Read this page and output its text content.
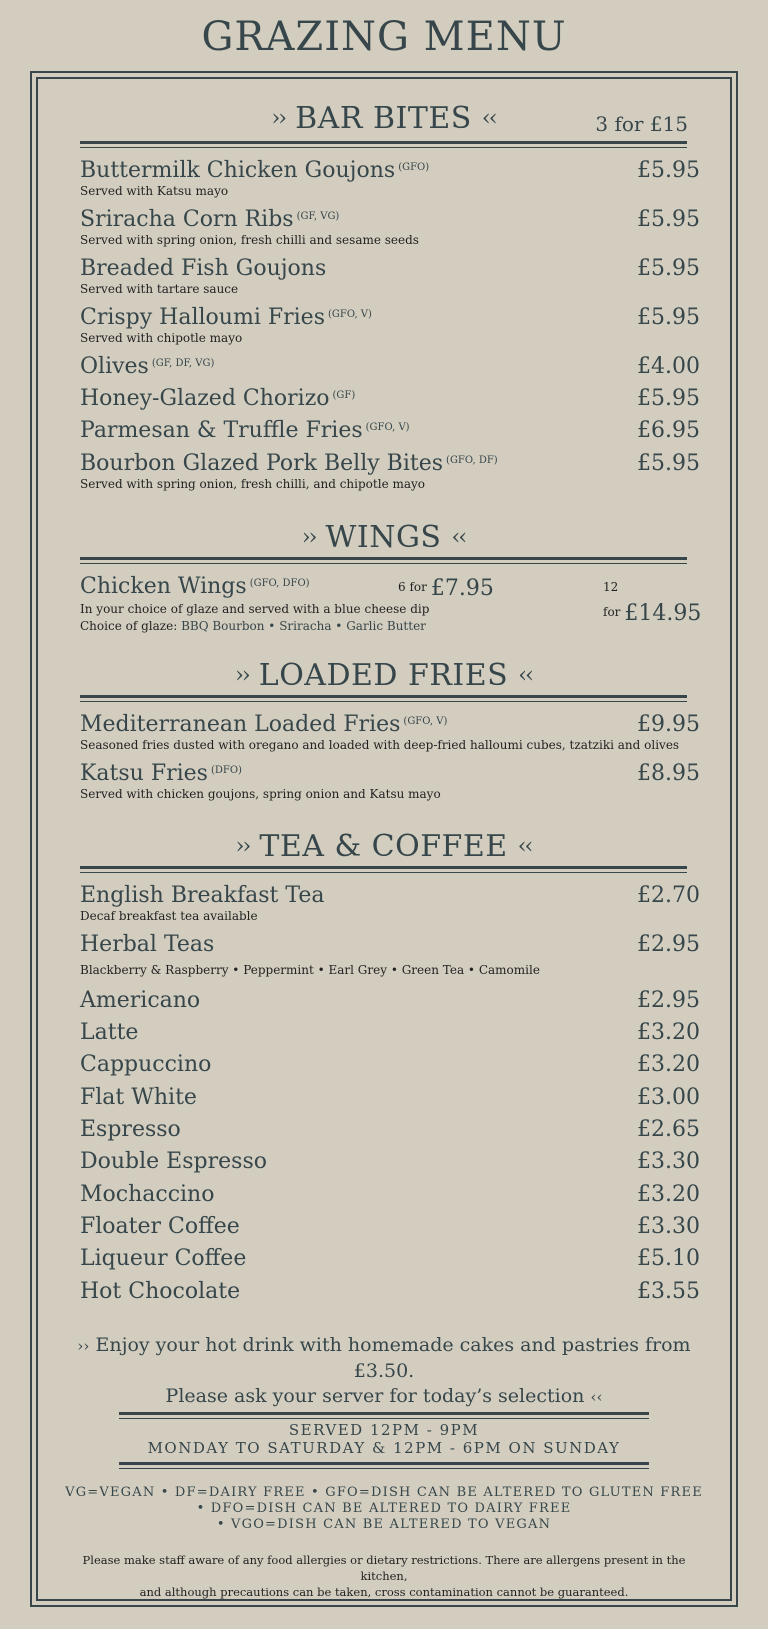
GRAZING MENU
›› BAR BITES ‹‹	3 for £15
Buttermilk Chicken Goujons $^{(GFO)}$	£5.95
Served with Katsu mayo
Sriracha Corn Ribs $^{(GF, VG)}$	£5.95
Served with spring onion, fresh chilli and sesame seeds
Breaded Fish Goujons	£5.95
Served with tartare sauce
Crispy Halloumi Fries $^{(GFO, V)}$	£5.95
Served with chipotle mayo
Olives $^{(GF, DF, VG)}$	£4.00
Honey-Glazed Chorizo $^{(GF)}$	£5.95
Parmesan & Truffle Fries $^{(GFO, V)}$	£6.95
Bourbon Glazed Pork Belly Bites $^{(GFO, DF)}$	£5.95
Served with spring onion, fresh chilli, and chipotle mayo
›› WINGS ‹‹
Chicken Wings $^{(GFO, DFO)}$	6 for £7.95	12 for £14.95
In your choice of glaze and served with a blue cheese dip
Choice of glaze: BBQ Bourbon • Sriracha • Garlic Butter
›› LOADED FRIES ‹‹
Mediterranean Loaded Fries $^{(GFO, V)}$	£9.95
Seasoned fries dusted with oregano and loaded with deep-fried halloumi cubes, tzatziki and olives
Katsu Fries $^{(DFO)}$	£8.95
Served with chicken goujons, spring onion and Katsu mayo
›› TEA & COFFEE ‹‹
English Breakfast Tea	£2.70
Decaf breakfast tea available
Herbal Teas	£2.95
Blackberry & Raspberry • Peppermint • Earl Grey • Green Tea • Camomile
Americano	£2.95
Latte	£3.20
Cappuccino	£3.20
Flat White	£3.00
Espresso	£2.65
Double Espresso	£3.30
Mochaccino	£3.20
Floater Coffee	£3.30
Liqueur Coffee	£5.10
Hot Chocolate	£3.55
›› Enjoy your hot drink with homemade cakes and pastries from £3.50.
Please ask your server for today’s selection ‹‹
SERVED 12PM - 9PM
MONDAY TO SATURDAY & 12PM - 6PM ON SUNDAY
VG=VEGAN • DF=DAIRY FREE • GFO=DISH CAN BE ALTERED TO GLUTEN FREE
• DFO=DISH CAN BE ALTERED TO DAIRY FREE
• VGO=DISH CAN BE ALTERED TO VEGAN
Please make staff aware of any food allergies or dietary restrictions. There are allergens present in the kitchen,
and although precautions can be taken, cross contamination cannot be guaranteed.
